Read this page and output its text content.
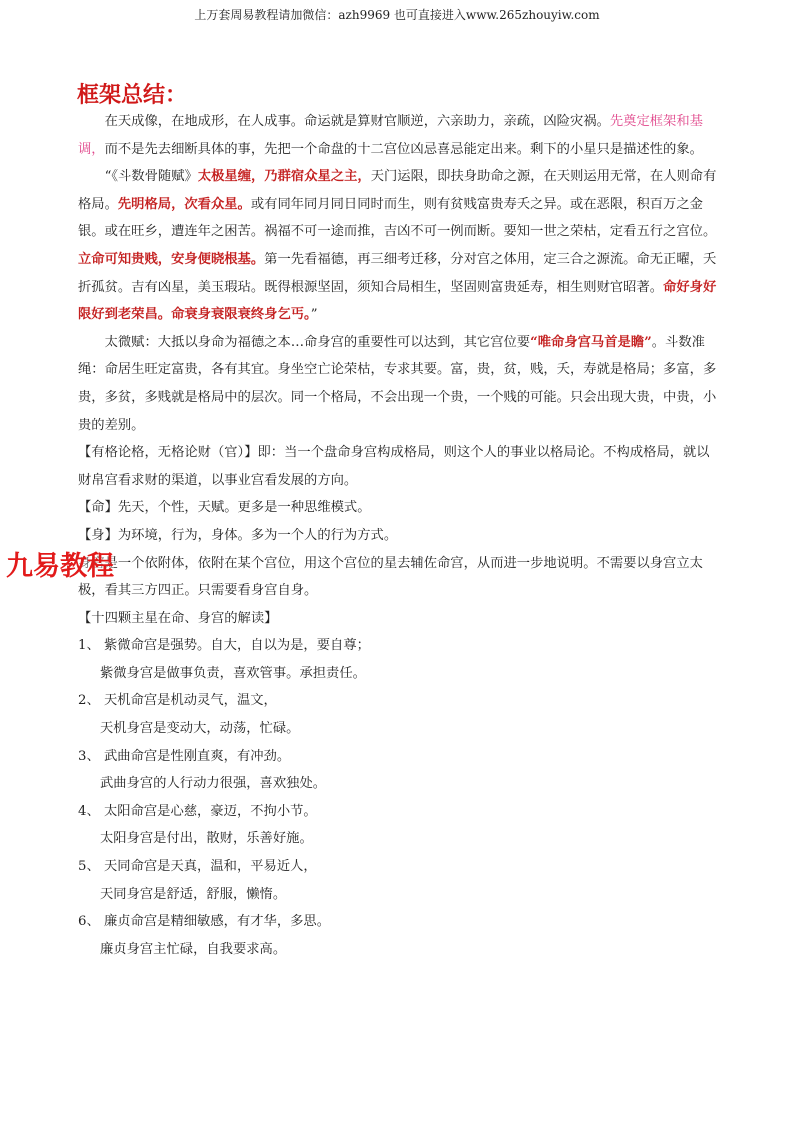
上万套周易教程请加微信：azh9969 也可直接进入www.265zhouyiw.com
框架总结：

在天成像，在地成形，在人成事。命运就是算财官顺逆，六亲助力，亲疏，凶险灾祸。先奠定框架和基调，而不是先去细断具体的事，先把一个命盘的十二宫位凶忌喜忌能定出来。剩下的小星只是描述性的象。

“《斗数骨随赋》太极星缠，乃群宿众星之主，天门运限，即扶身助命之源，在天则运用无常，在人则命有格局。先明格局，次看众星。或有同年同月同日同时而生，则有贫贱富贵寿夭之异。或在恶限，积百万之金银。或在旺乡，遭连年之困苦。祸福不可一途而推，吉凶不可一例而断。要知一世之荣枯，定看五行之宫位。立命可知贵贱，安身便晓根基。第一先看福德，再三细考迁移，分对宫之体用，定三合之源流。命无正曜，夭折孤贫。吉有凶星，美玉瑕玷。既得根源坚固，须知合局相生，坚固则富贵延寿，相生则财官昭著。命好身好限好到老荣昌。命衰身衰限衰终身乞丐。”

太微赋：大抵以身命为福德之本…命身宫的重要性可以达到，其它宫位要“唯命身宫马首是瞻”。斗数准绳：命居生旺定富贵，各有其宜。身坐空亡论荣枯，专求其要。富，贵，贫，贱，夭，寿就是格局；多富，多贵，多贫，多贱就是格局中的层次。同一个格局，不会出现一个贵，一个贱的可能。只会出现大贵，中贵，小贵的差别。

【有格论格，无格论财（官）】即：当一个盘命身宫构成格局，则这个人的事业以格局论。不构成格局，就以财帛宫看求财的渠道，以事业宫看发展的方向。

【命】先天，个性，天赋。更多是一种思维模式。

【身】为环境，行为，身体。多为一个人的行为方式。

身宫是一个依附体，依附在某个宫位，用这个宫位的星去辅佐命宫，从而进一步地说明。不需要以身宫立太极，看其三方四正。只需要看身宫自身。

【十四颗主星在命、身宫的解读】

1、 紫微命宫是强势。自大，自以为是，要自尊；

紫微身宫是做事负责，喜欢管事。承担责任。

2、 天机命宫是机动灵气，温文，

天机身宫是变动大，动荡，忙碌。

3、 武曲命宫是性刚直爽，有冲劲。

武曲身宫的人行动力很强，喜欢独处。

4、 太阳命宫是心慈，豪迈，不拘小节。

太阳身宫是付出，散财，乐善好施。

5、 天同命宫是天真，温和，平易近人，

天同身宫是舒适，舒服，懒惰。

6、 廉贞命宫是精细敏感，有才华，多思。

廉贞身宫主忙碌，自我要求高。

九易教程
